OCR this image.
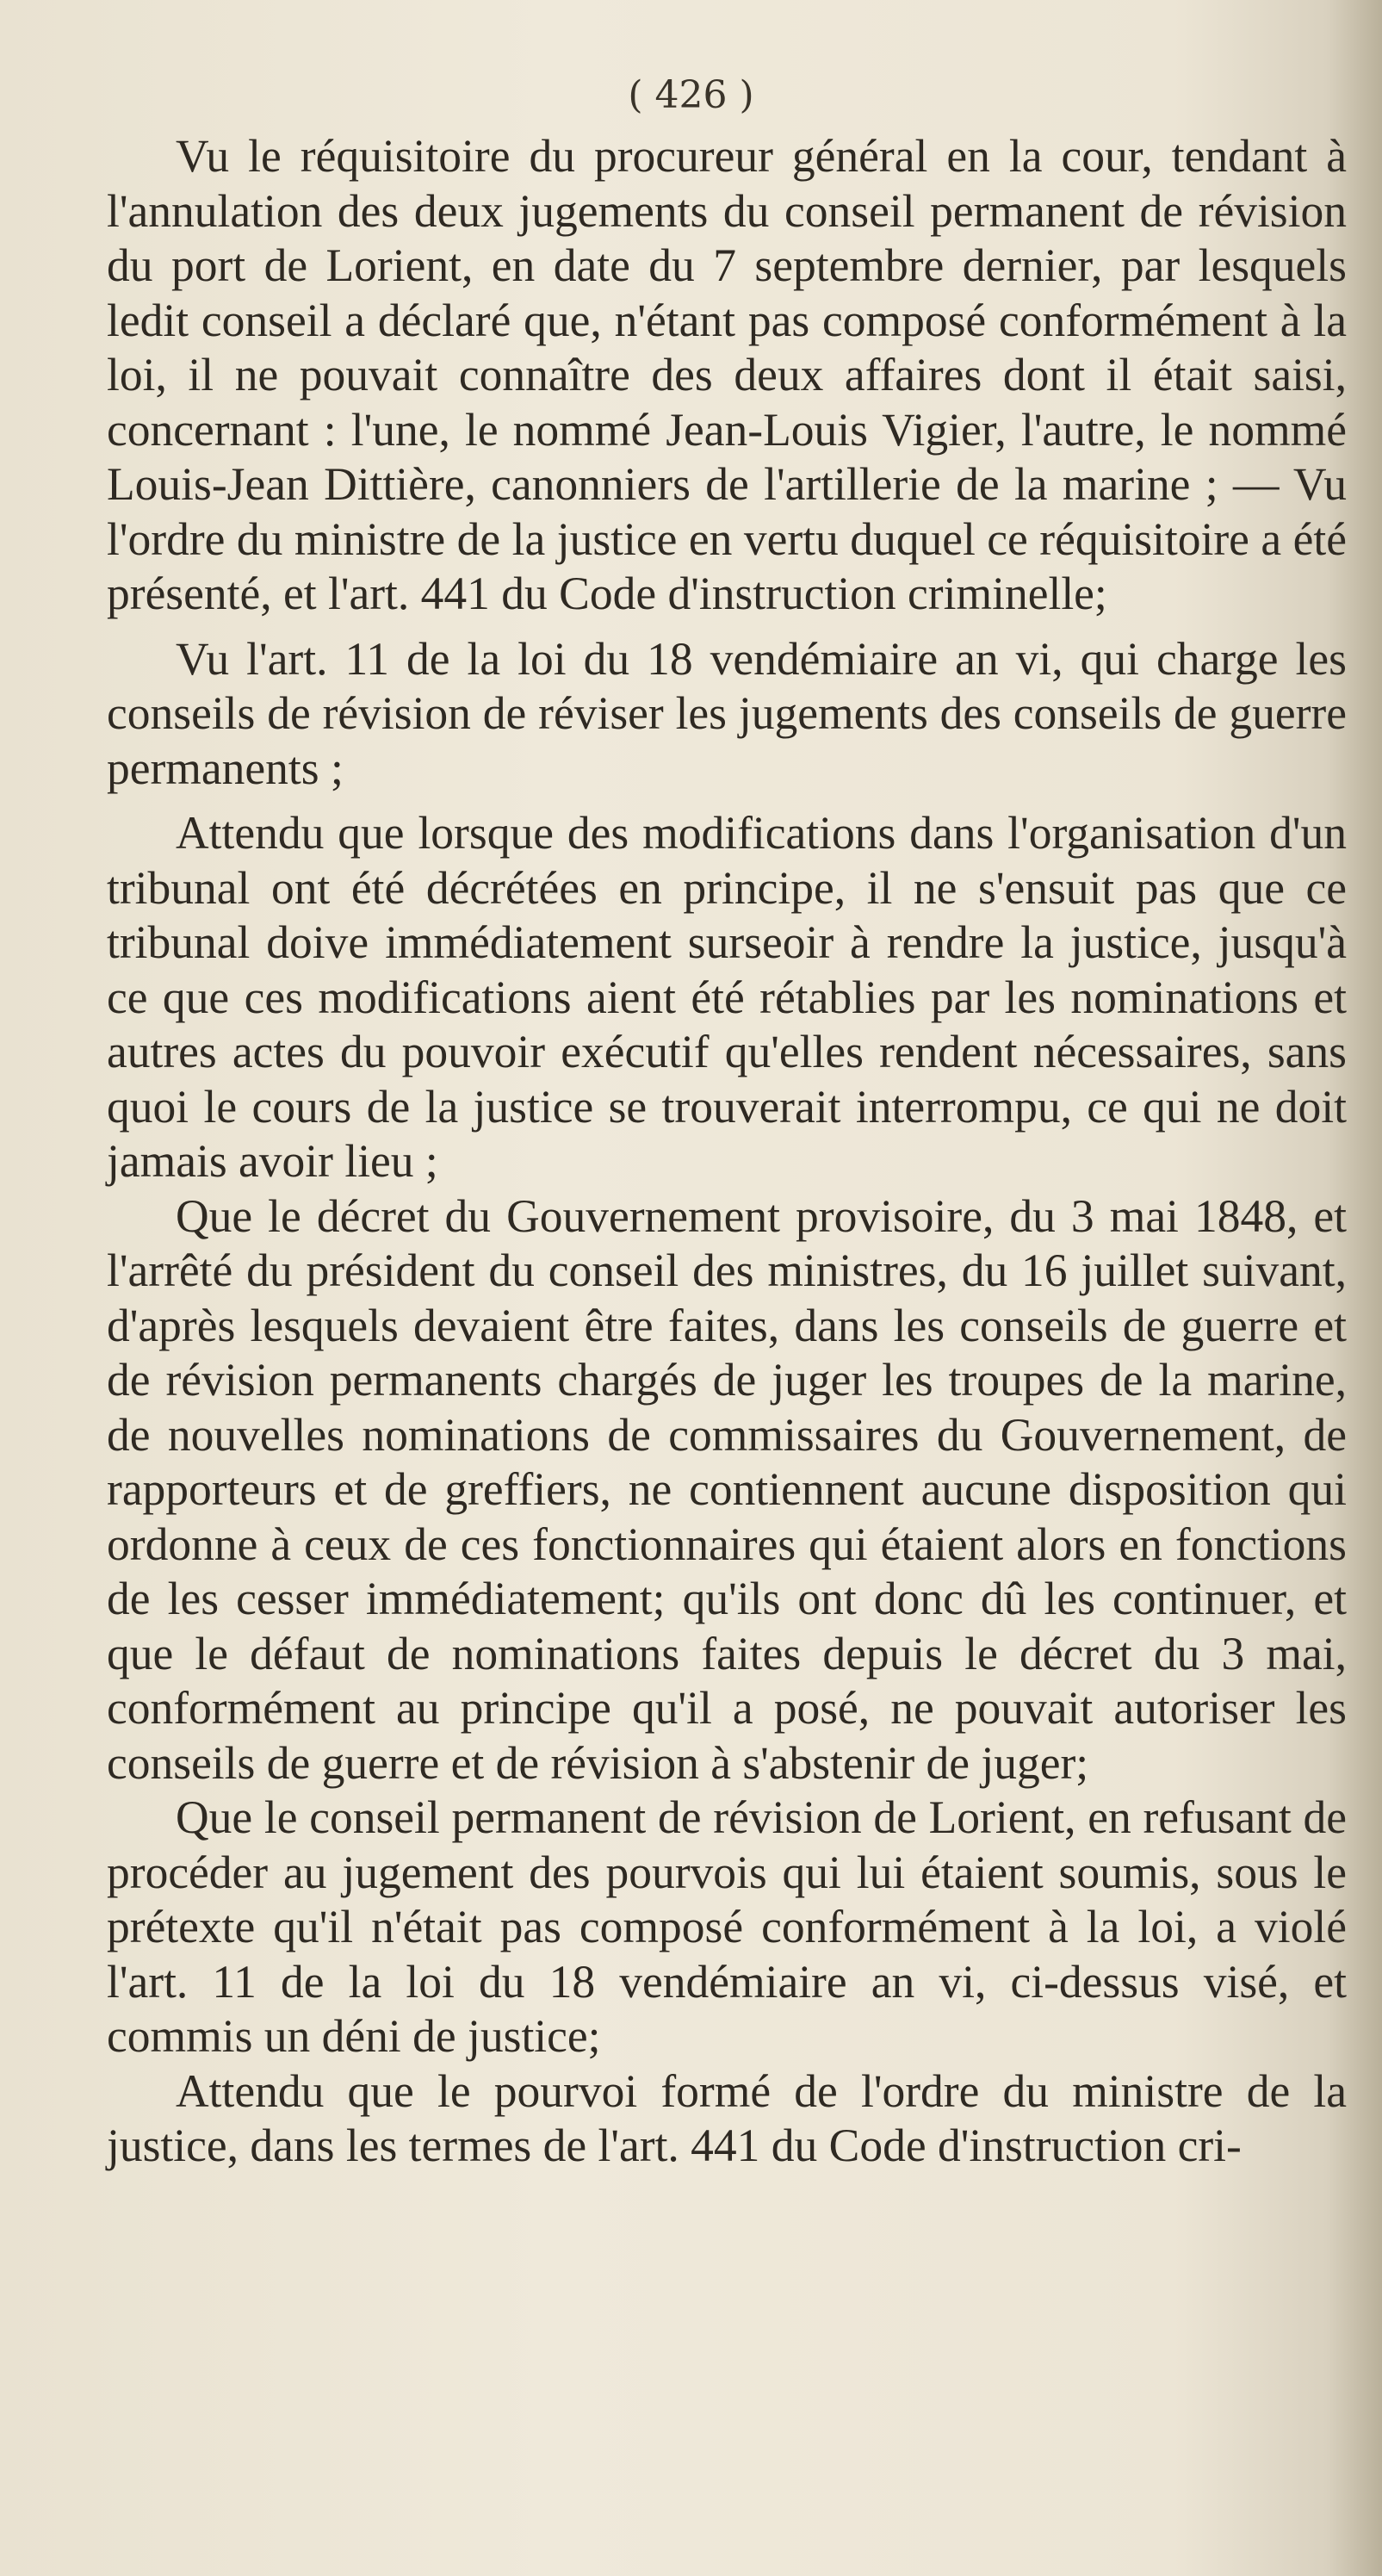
( 426 )

Vu le réquisitoire du procureur général en la cour, tendant à l'annulation des deux jugements du conseil permanent de révision du port de Lorient, en date du 7 septembre dernier, par lesquels ledit conseil a déclaré que, n'étant pas composé conformément à la loi, il ne pouvait connaître des deux affaires dont il était saisi, concernant : l'une, le nommé Jean-Louis Vigier, l'autre, le nommé Louis-Jean Dittière, canonniers de l'artillerie de la marine ; — Vu l'ordre du ministre de la justice en vertu duquel ce réquisitoire a été présenté, et l'art. 441 du Code d'instruction criminelle;

Vu l'art. 11 de la loi du 18 vendémiaire an vi, qui charge les conseils de révision de réviser les jugements des conseils de guerre permanents ;

Attendu que lorsque des modifications dans l'organisation d'un tribunal ont été décrétées en principe, il ne s'ensuit pas que ce tribunal doive immédiatement surseoir à rendre la justice, jusqu'à ce que ces modifications aient été rétablies par les nominations et autres actes du pouvoir exécutif qu'elles rendent nécessaires, sans quoi le cours de la justice se trouverait interrompu, ce qui ne doit jamais avoir lieu ;

Que le décret du Gouvernement provisoire, du 3 mai 1848, et l'arrêté du président du conseil des ministres, du 16 juillet suivant, d'après lesquels devaient être faites, dans les conseils de guerre et de révision permanents chargés de juger les troupes de la marine, de nouvelles nominations de commissaires du Gouvernement, de rapporteurs et de greffiers, ne contiennent aucune disposition qui ordonne à ceux de ces fonctionnaires qui étaient alors en fonctions de les cesser immédiatement; qu'ils ont donc dû les continuer, et que le défaut de nominations faites depuis le décret du 3 mai, conformément au principe qu'il a posé, ne pouvait autoriser les conseils de guerre et de révision à s'abstenir de juger;

Que le conseil permanent de révision de Lorient, en refusant de procéder au jugement des pourvois qui lui étaient soumis, sous le prétexte qu'il n'était pas composé conformément à la loi, a violé l'art. 11 de la loi du 18 vendémiaire an vi, ci-dessus visé, et commis un déni de justice;

Attendu que le pourvoi formé de l'ordre du ministre de la justice, dans les termes de l'art. 441 du Code d'instruction cri-
